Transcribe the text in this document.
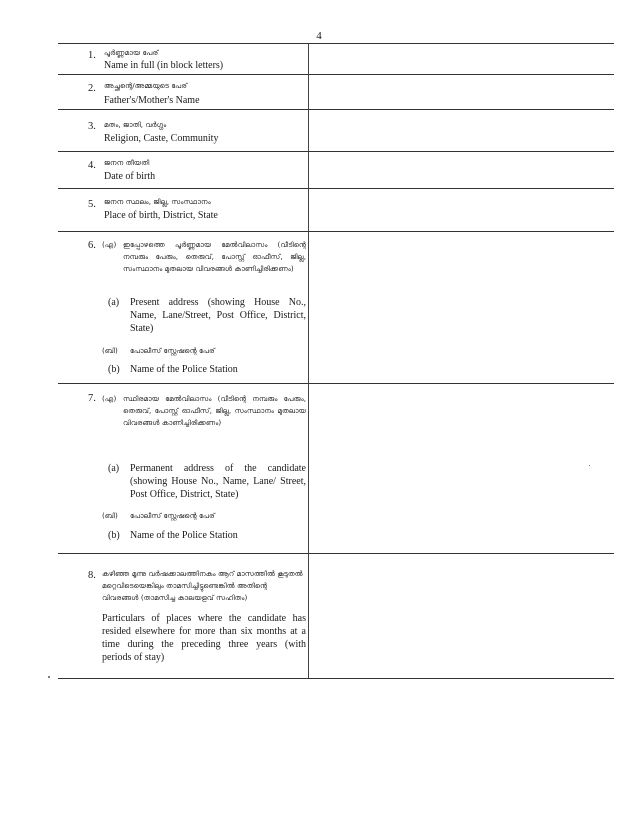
4
1. പൂർണ്ണമായ പേര്
Name in full (in block letters)
2. അച്ഛന്റെ/അമ്മയുടെ പേര്
Father's/Mother's Name
3. മതം, ജാതി, വർഗ്ഗം
Religion, Caste, Community
4. ജനന തീയതി
Date of birth
5. ജനന സ്ഥലം, ജില്ല, സംസ്ഥാനം
Place of birth, District, State
6. (എ) ഇപ്പോഴത്തെ പൂർണ്ണമായ മേൽവിലാസം (വീടിന്റെ നമ്പരും പേരും, തെരുവ്, പോസ്റ്റ് ഓഫീസ്, ജില്ല, സംസ്ഥാനം മുതലായ വിവരങ്ങൾ കാണിച്ചിരിക്കണം)
(a) Present address (showing House No., Name, Lane/Street, Post Office, District, State)
(ബി) പോലീസ് സ്റ്റേഷന്റെ പേര്
(b) Name of the Police Station
7. (എ) സ്ഥിരമായ മേൽവിലാസം (വീടിന്റെ നമ്പരും പേരും, തെരുവ്, പോസ്റ്റ് ഓഫീസ്, ജില്ല, സംസ്ഥാനം മുതലായ വിവരങ്ങൾ കാണിച്ചിരിക്കണം)
(a) Permanent address of the candidate (showing House No., Name, Lane/ Street, Post Office, District, State)
(ബി) പോലീസ് സ്റ്റേഷന്റെ പേര്
(b) Name of the Police Station
8. കഴിഞ്ഞ മൂന്നു വർഷക്കാലത്തിനകം ആറ് മാസത്തിൽ കൂടുതൽ മറ്റെവിടെയെങ്കിലും താമസിച്ചിട്ടുണ്ടെങ്കിൽ അതിന്റെ വിവരങ്ങൾ (താമസിച്ച കാലയളവ് സഹിതം)
Particulars of places where the candidate has resided elsewhere for more than six months at a time during the preceding three years (with periods of stay)
